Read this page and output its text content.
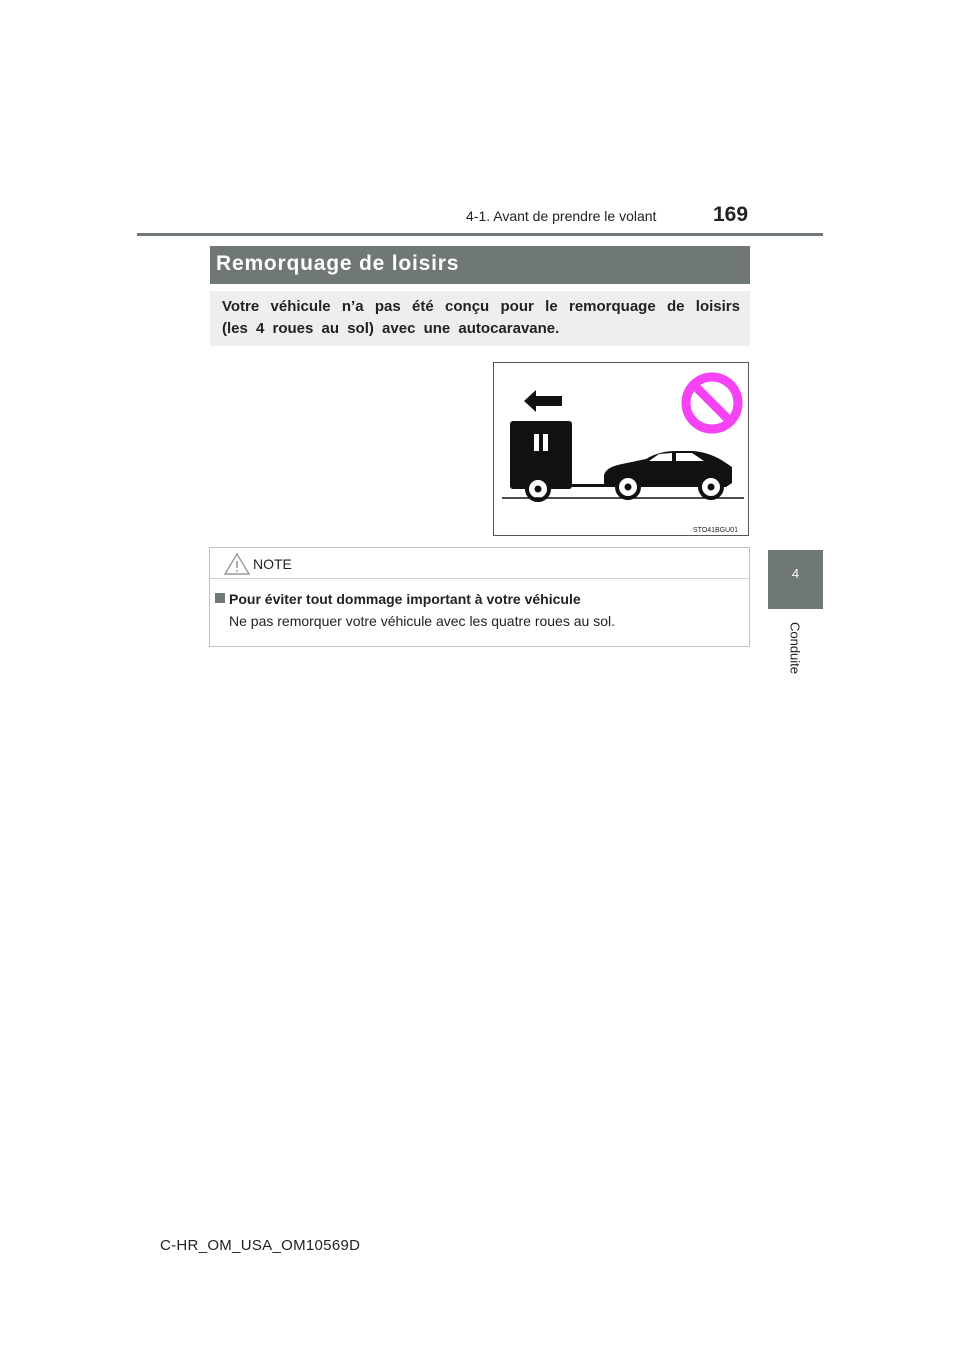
4-1. Avant de prendre le volant	169
4
Conduite
Remorquage de loisirs
Votre véhicule n’a pas été conçu pour le remorquage de loisirs (les 4 roues au sol) avec une autocaravane.
STO41BGU01
NOTE
Pour éviter tout dommage important à votre véhicule
Ne pas remorquer votre véhicule avec les quatre roues au sol.
C-HR_OM_USA_OM10569D
